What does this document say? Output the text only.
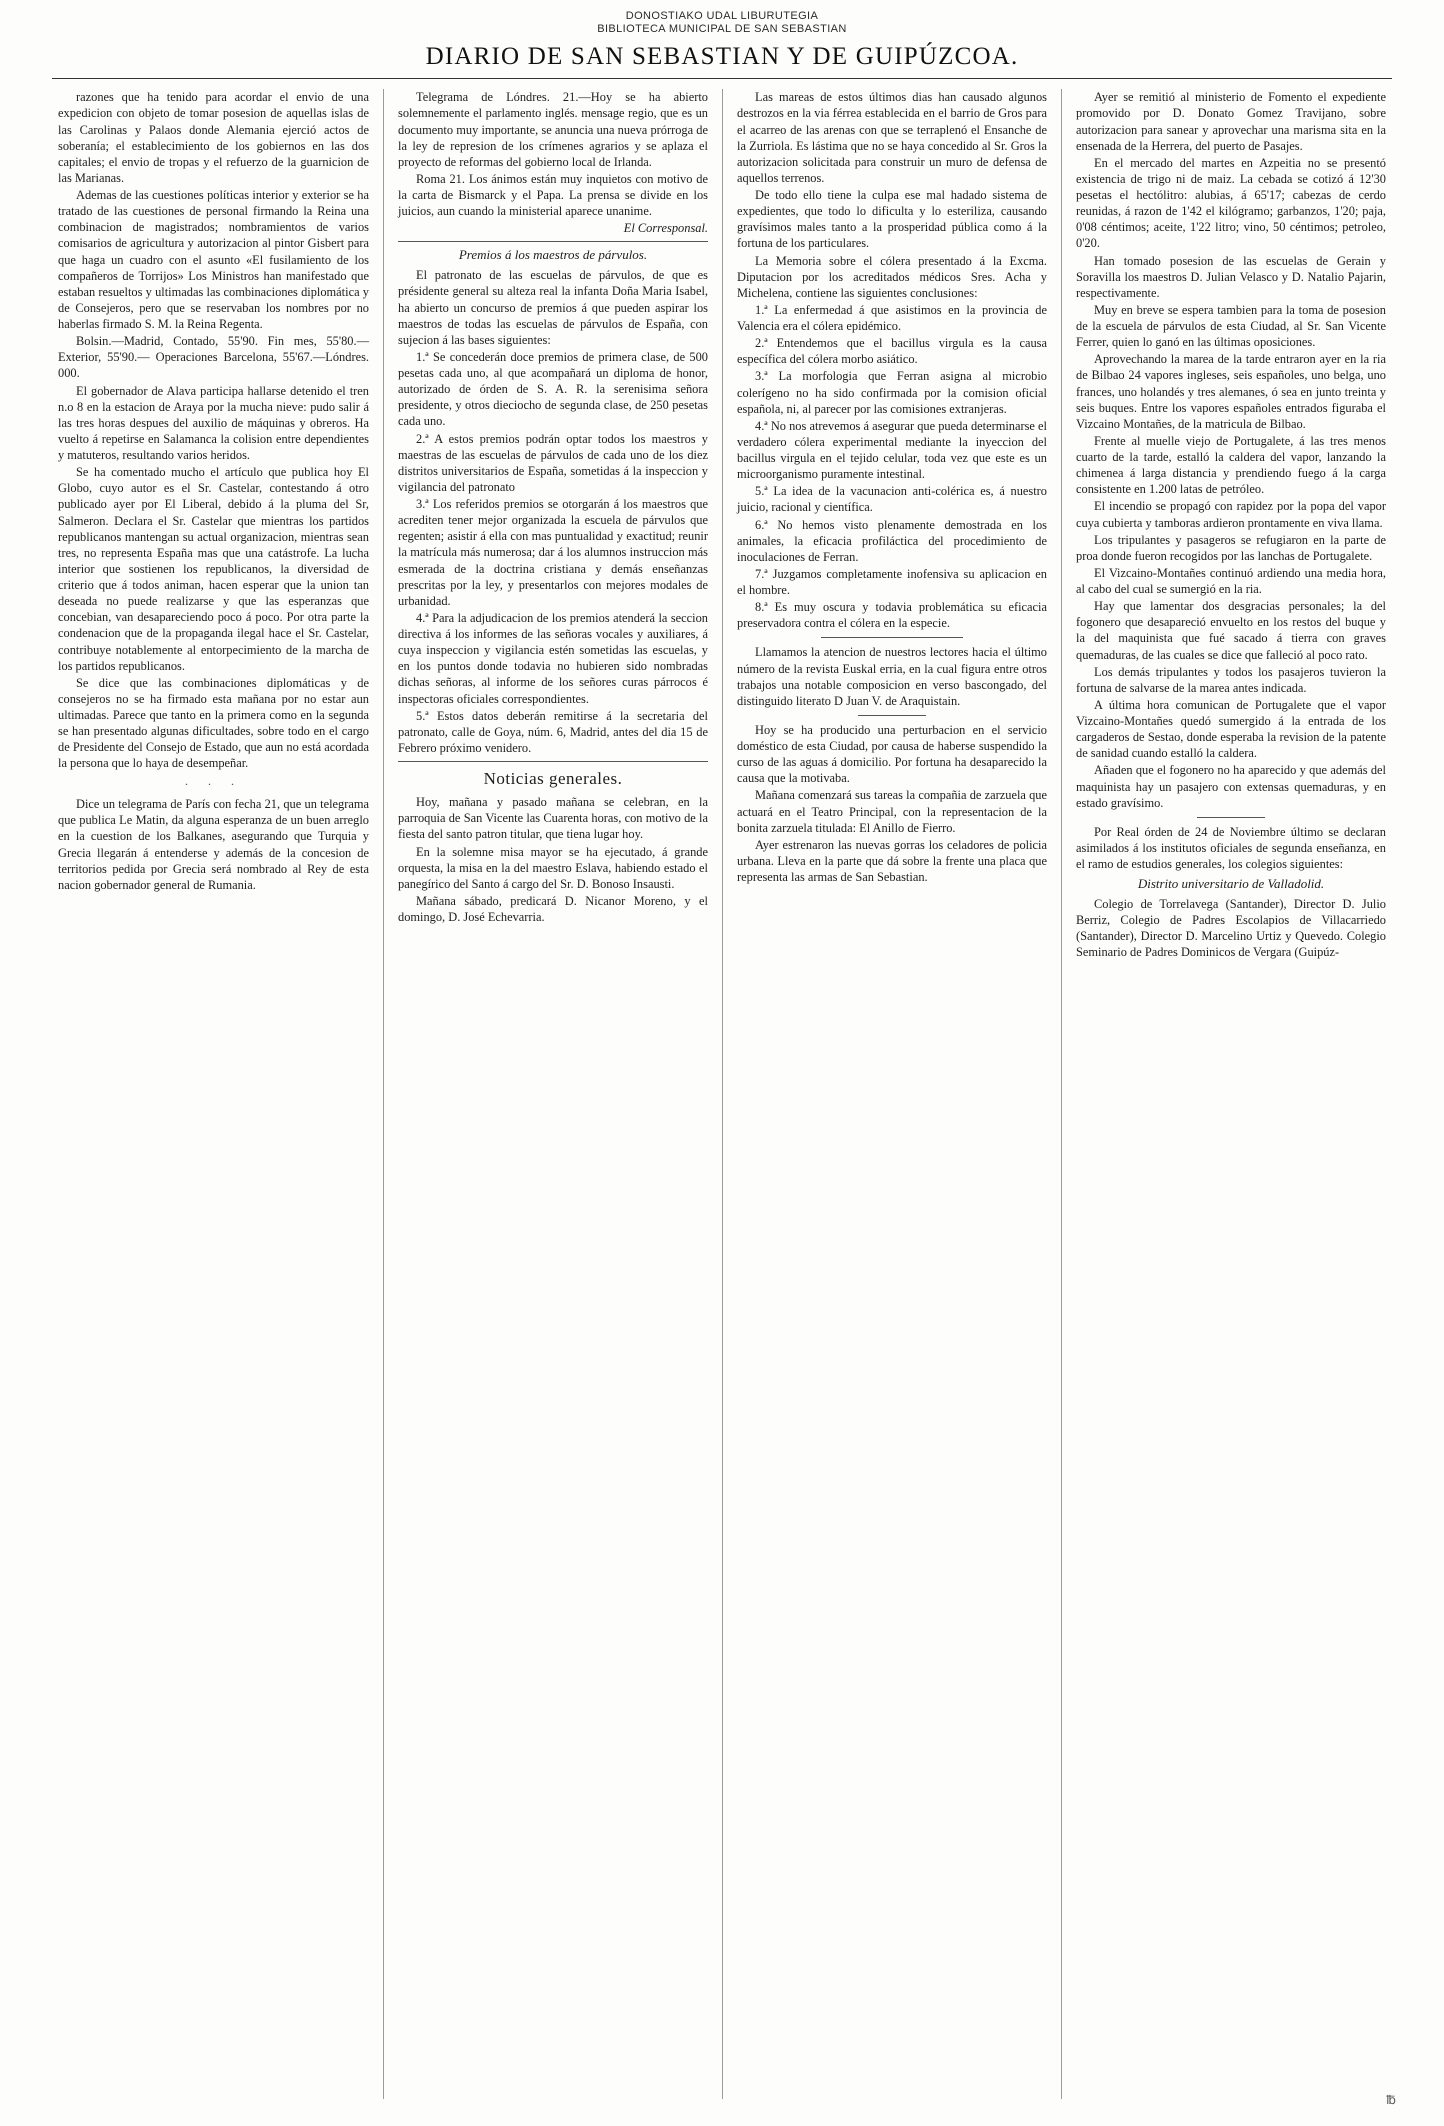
DONOSTIAKO UDAL LIBURUTEGIA
BIBLIOTECA MUNICIPAL DE SAN SEBASTIAN
DIARIO DE SAN SEBASTIAN Y DE GUIPÚZCOA.

razones que ha tenido para acordar el envio de una expedicion con objeto de tomar posesion de aquellas islas de las Carolinas y Palaos donde Alemania ejerció actos de soberanía; el establecimiento de los gobiernos en las dos capitales; el envio de tropas y el refuerzo de la guarnicion de las Marianas.

Ademas de las cuestiones políticas interior y exterior se ha tratado de las cuestiones de personal firmando la Reina una combinacion de magistrados; nombramientos de varios comisarios de agricultura y autorizacion al pintor Gisbert para que haga un cuadro con el asunto «El fusilamiento de los compañeros de Torrijos» Los Ministros han manifestado que estaban resueltos y ultimadas las combinaciones diplomática y de Consejeros, pero que se reservaban los nombres por no haberlas firmado S. M. la Reina Regenta.

Bolsin.—Madrid, Contado, 55'90. Fin mes, 55'80.— Exterior, 55'90.— Operaciones Barcelona, 55'67.—Lóndres. 000.

El gobernador de Alava participa hallarse detenido el tren n.o 8 en la estacion de Araya por la mucha nieve: pudo salir á las tres horas despues del auxilio de máquinas y obreros. Ha vuelto á repetirse en Salamanca la colision entre dependientes y matuteros, resultando varios heridos.

Se ha comentado mucho el artículo que publica hoy El Globo, cuyo autor es el Sr. Castelar, contestando á otro publicado ayer por El Liberal, debido á la pluma del Sr, Salmeron. Declara el Sr. Castelar que mientras los partidos republicanos mantengan su actual organizacion, mientras sean tres, no representa España mas que una catástrofe. La lucha interior que sostienen los republicanos, la diversidad de criterio que á todos animan, hacen esperar que la union tan deseada no puede realizarse y que las esperanzas que concebian, van desapareciendo poco á poco. Por otra parte la condenacion que de la propaganda ilegal hace el Sr. Castelar, contribuye notablemente al entorpecimiento de la marcha de los partidos republicanos.

Se dice que las combinaciones diplomáticas y de consejeros no se ha firmado esta mañana por no estar aun ultimadas. Parece que tanto en la primera como en la segunda se han presentado algunas dificultades, sobre todo en el cargo de Presidente del Consejo de Estado, que aun no está acordada la persona que lo haya de desempeñar.

· · ·

Dice un telegrama de París con fecha 21, que un telegrama que publica Le Matin, da alguna esperanza de un buen arreglo en la cuestion de los Balkanes, asegurando que Turquia y Grecia llegarán á entenderse y además de la concesion de territorios pedida por Grecia será nombrado al Rey de esta nacion gobernador general de Rumania.

Telegrama de Lóndres. 21.—Hoy se ha abierto solemnemente el parlamento inglés. mensage regio, que es un documento muy importante, se anuncia una nueva prórroga de la ley de represion de los crímenes agrarios y se aplaza el proyecto de reformas del gobierno local de Irlanda.

Roma 21. Los ánimos están muy inquietos con motivo de la carta de Bismarck y el Papa. La prensa se divide en los juicios, aun cuando la ministerial aparece unanime.

El Corresponsal.
Premios á los maestros de párvulos.

El patronato de las escuelas de párvulos, de que es présidente general su alteza real la infanta Doña Maria Isabel, ha abierto un concurso de premios á que pueden aspirar los maestros de todas las escuelas de párvulos de España, con sujecion á las bases siguientes:

1.ª Se concederán doce premios de primera clase, de 500 pesetas cada uno, al que acompañará un diploma de honor, autorizado de órden de S. A. R. la serenisima señora presidente, y otros dieciocho de segunda clase, de 250 pesetas cada uno.

2.ª A estos premios podrán optar todos los maestros y maestras de las escuelas de párvulos de cada uno de los diez distritos universitarios de España, sometidas á la inspeccion y vigilancia del patronato

3.ª Los referidos premios se otorgarán á los maestros que acrediten tener mejor organizada la escuela de párvulos que regenten; asistir á ella con mas puntualidad y exactitud; reunir la matrícula más numerosa; dar á los alumnos instruccion más esmerada de la doctrina cristiana y demás enseñanzas prescritas por la ley, y presentarlos con mejores modales de urbanidad.

4.ª Para la adjudicacion de los premios atenderá la seccion directiva á los informes de las señoras vocales y auxiliares, á cuya inspeccion y vigilancia estén sometidas las escuelas, y en los puntos donde todavia no hubieren sido nombradas dichas señoras, al informe de los señores curas párrocos é inspectoras oficiales correspondientes.

5.ª Estos datos deberán remitirse á la secretaria del patronato, calle de Goya, núm. 6, Madrid, antes del dia 15 de Febrero próximo venidero.

Noticias generales.

Hoy, mañana y pasado mañana se celebran, en la parroquia de San Vicente las Cuarenta horas, con motivo de la fiesta del santo patron titular, que tiena lugar hoy.

En la solemne misa mayor se ha ejecutado, á grande orquesta, la misa en la del maestro Eslava, habiendo estado el panegírico del Santo á cargo del Sr. D. Bonoso Insausti.

Mañana sábado, predicará D. Nicanor Moreno, y el domingo, D. José Echevarria.

Las mareas de estos últimos dias han causado algunos destrozos en la via férrea establecida en el barrio de Gros para el acarreo de las arenas con que se terraplenó el Ensanche de la Zurriola. Es lástima que no se haya concedido al Sr. Gros la autorizacion solicitada para construir un muro de defensa de aquellos terrenos.

De todo ello tiene la culpa ese mal hadado sistema de expedientes, que todo lo dificulta y lo esteriliza, causando gravísimos males tanto a la prosperidad pública como á la fortuna de los particulares.

La Memoria sobre el cólera presentado á la Excma. Diputacion por los acreditados médicos Sres. Acha y Michelena, contiene las siguientes conclusiones:

1.ª La enfermedad á que asistimos en la provincia de Valencia era el cólera epidémico.

2.ª Entendemos que el bacillus virgula es la causa específica del cólera morbo asiático.

3.ª La morfologia que Ferran asigna al microbio colerígeno no ha sido confirmada por la comision oficial española, ni, al parecer por las comisiones extranjeras.

4.ª No nos atrevemos á asegurar que pueda determinarse el verdadero cólera experimental mediante la inyeccion del bacillus virgula en el tejido celular, toda vez que este es un microorganismo puramente intestinal.

5.ª La idea de la vacunacion anti-colérica es, á nuestro juicio, racional y científica.

6.ª No hemos visto plenamente demostrada en los animales, la eficacia profiláctica del procedimiento de inoculaciones de Ferran.

7.ª Juzgamos completamente inofensiva su aplicacion en el hombre.

8.ª Es muy oscura y todavia problemática su eficacia preservadora contra el cólera en la especie.

Llamamos la atencion de nuestros lectores hacia el último número de la revista Euskal erria, en la cual figura entre otros trabajos una notable composicion en verso bascongado, del distinguido literato D Juan V. de Araquistain.

Hoy se ha producido una perturbacion en el servicio doméstico de esta Ciudad, por causa de haberse suspendido la curso de las aguas á domicilio. Por fortuna ha desaparecido la causa que la motivaba.

Mañana comenzará sus tareas la compañia de zarzuela que actuará en el Teatro Principal, con la representacion de la bonita zarzuela titulada: El Anillo de Fierro.

Ayer estrenaron las nuevas gorras los celadores de policia urbana. Lleva en la parte que dá sobre la frente una placa que representa las armas de San Sebastian.

Ayer se remitió al ministerio de Fomento el expediente promovido por D. Donato Gomez Travijano, sobre autorizacion para sanear y aprovechar una marisma sita en la ensenada de la Herrera, del puerto de Pasajes.

En el mercado del martes en Azpeitia no se presentó existencia de trigo ni de maiz. La cebada se cotizó á 12'30 pesetas el hectólitro: alubias, á 65'17; cabezas de cerdo reunidas, á razon de 1'42 el kilógramo; garbanzos, 1'20; paja, 0'08 céntimos; aceite, 1'22 litro; vino, 50 céntimos; petroleo, 0'20.

Han tomado posesion de las escuelas de Gerain y Soravilla los maestros D. Julian Velasco y D. Natalio Pajarin, respectivamente.

Muy en breve se espera tambien para la toma de posesion de la escuela de párvulos de esta Ciudad, al Sr. San Vicente Ferrer, quien lo ganó en las últimas oposiciones.

Aprovechando la marea de la tarde entraron ayer en la ria de Bilbao 24 vapores ingleses, seis españoles, uno belga, uno frances, uno holandés y tres alemanes, ó sea en junto treinta y seis buques. Entre los vapores españoles entrados figuraba el Vizcaino Montañes, de la matricula de Bilbao.

Frente al muelle viejo de Portugalete, á las tres menos cuarto de la tarde, estalló la caldera del vapor, lanzando la chimenea á larga distancia y prendiendo fuego á la carga consistente en 1.200 latas de petróleo.

El incendio se propagó con rapidez por la popa del vapor cuya cubierta y tamboras ardieron prontamente en viva llama.

Los tripulantes y pasageros se refugiaron en la parte de proa donde fueron recogidos por las lanchas de Portugalete.

El Vizcaino-Montañes continuó ardiendo una media hora, al cabo del cual se sumergió en la ria.

Hay que lamentar dos desgracias personales; la del fogonero que desapareció envuelto en los restos del buque y la del maquinista que fué sacado á tierra con graves quemaduras, de las cuales se dice que falleció al poco rato.

Los demás tripulantes y todos los pasajeros tuvieron la fortuna de salvarse de la marea antes indicada.

A última hora comunican de Portugalete que el vapor Vizcaino-Montañes quedó sumergido á la entrada de los cargaderos de Sestao, donde esperaba la revision de la patente de sanidad cuando estalló la caldera.

Añaden que el fogonero no ha aparecido y que además del maquinista hay un pasajero con extensas quemaduras, y en estado gravísimo.

Por Real órden de 24 de Noviembre último se declaran asimilados á los institutos oficiales de segunda enseñanza, en el ramo de estudios generales, los colegios siguientes:

Distrito universitario de Valladolid.

Colegio de Torrelavega (Santander), Director D. Julio Berriz, Colegio de Padres Escolapios de Villacarriedo (Santander), Director D. Marcelino Urtiz y Quevedo. Colegio Seminario de Padres Dominicos de Vergara (Guipúz-

℔
